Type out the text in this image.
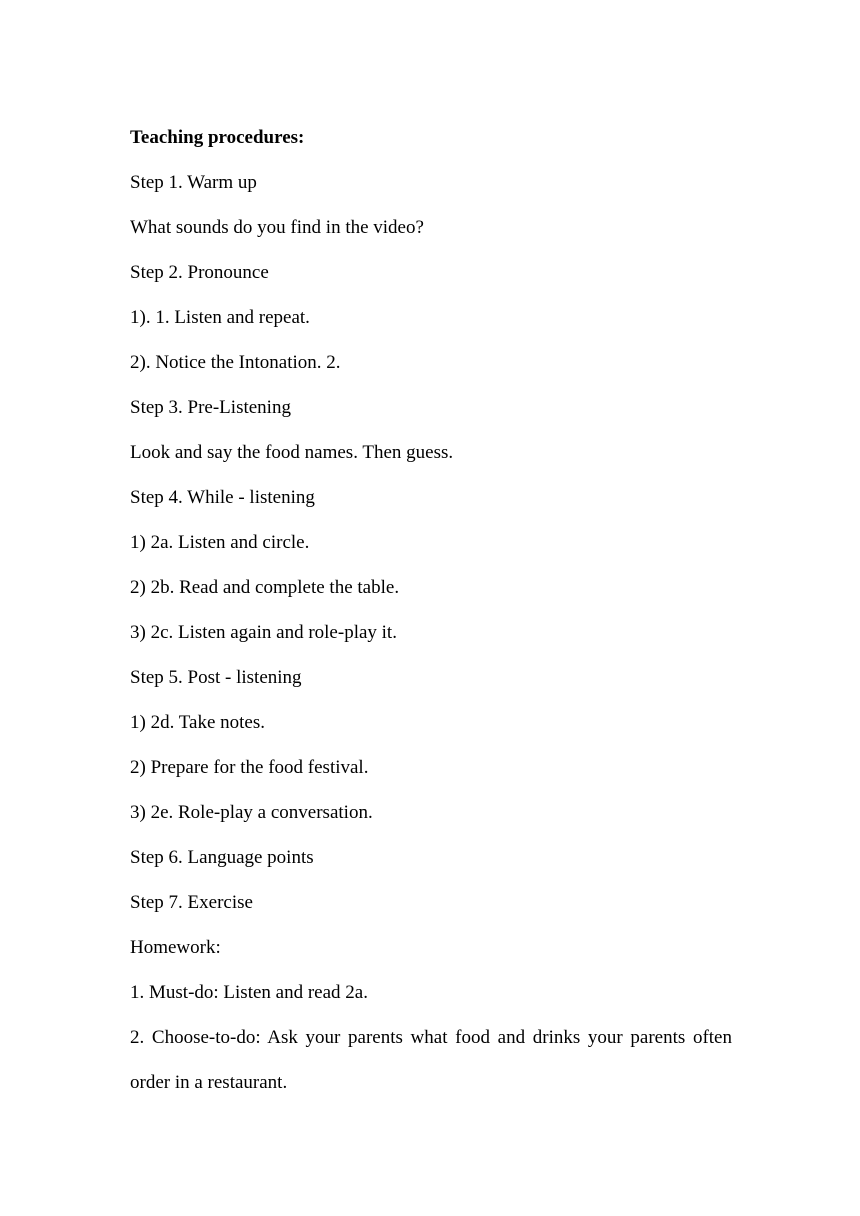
Teaching procedures:

Step 1. Warm up

What sounds do you find in the video?

Step 2. Pronounce

1). 1. Listen and repeat.

2). Notice the Intonation. 2.

Step 3. Pre-Listening

Look and say the food names. Then guess.

Step 4. While - listening

1) 2a. Listen and circle.

2) 2b. Read and complete the table.

3) 2c. Listen again and role-play it.

Step 5. Post - listening

1) 2d. Take notes.

2) Prepare for the food festival.

3) 2e. Role-play a conversation.

Step 6. Language points

Step 7. Exercise

Homework:

1. Must-do: Listen and read 2a.

2. Choose-to-do: Ask your parents what food and drinks your parents often order in a restaurant.
